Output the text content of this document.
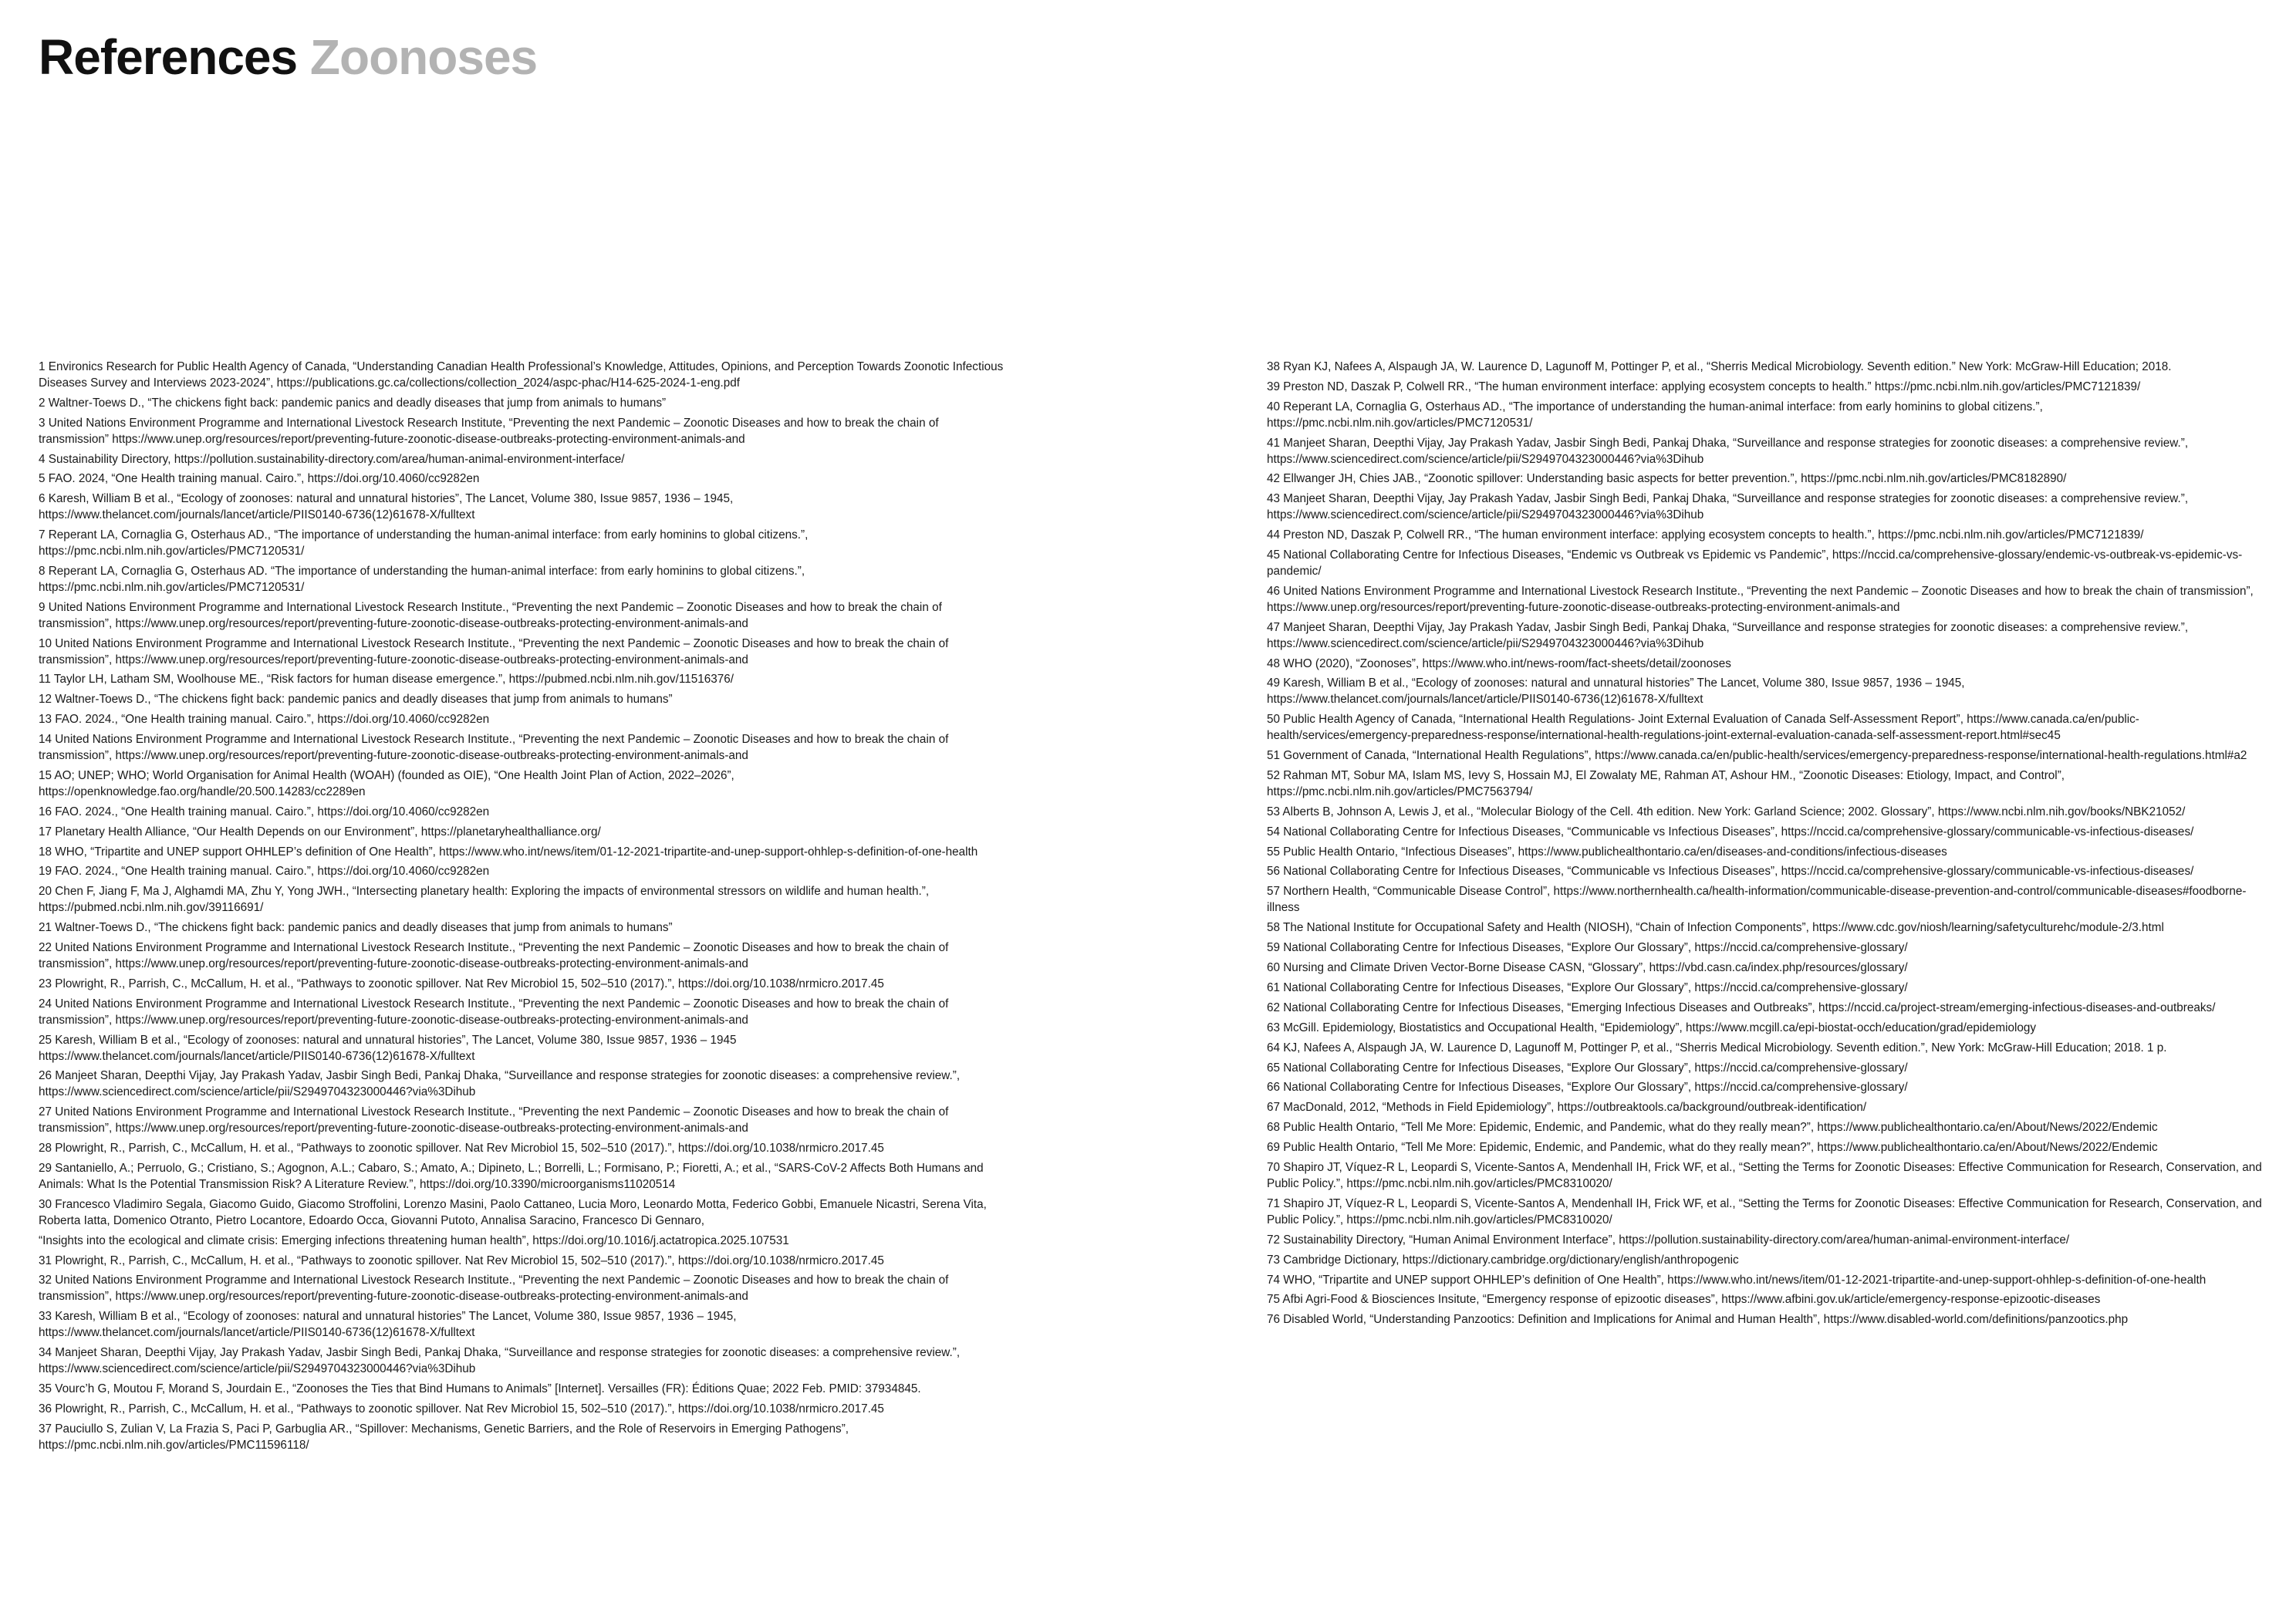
References Zoonoses
1 Environics Research for Public Health Agency of Canada, “Understanding Canadian Health Professional’s Knowledge, Attitudes, Opinions, and Perception Towards Zoonotic Infectious Diseases Survey and Interviews 2023-2024”, https://publications.gc.ca/collections/collection_2024/aspc-phac/H14-625-2024-1-eng.pdf
2 Waltner-Toews D., “The chickens fight back: pandemic panics and deadly diseases that jump from animals to humans”
3 United Nations Environment Programme and International Livestock Research Institute, “Preventing the next Pandemic – Zoonotic Diseases and how to break the chain of transmission” https://www.unep.org/resources/report/preventing-future-zoonotic-disease-outbreaks-protecting-environment-animals-and
4 Sustainability Directory, https://pollution.sustainability-directory.com/area/human-animal-environment-interface/
5 FAO. 2024, “One Health training manual. Cairo.”, https://doi.org/10.4060/cc9282en
6 Karesh, William B et al., “Ecology of zoonoses: natural and unnatural histories”, The Lancet, Volume 380, Issue 9857, 1936 – 1945, https://www.thelancet.com/journals/lancet/article/PIIS0140-6736(12)61678-X/fulltext
7 Reperant LA, Cornaglia G, Osterhaus AD., “The importance of understanding the human-animal interface: from early hominins to global citizens.”, https://pmc.ncbi.nlm.nih.gov/articles/PMC7120531/
8 Reperant LA, Cornaglia G, Osterhaus AD. “The importance of understanding the human-animal interface: from early hominins to global citizens.”, https://pmc.ncbi.nlm.nih.gov/articles/PMC7120531/
9 United Nations Environment Programme and International Livestock Research Institute., “Preventing the next Pandemic – Zoonotic Diseases and how to break the chain of transmission”, https://www.unep.org/resources/report/preventing-future-zoonotic-disease-outbreaks-protecting-environment-animals-and
10 United Nations Environment Programme and International Livestock Research Institute., “Preventing the next Pandemic – Zoonotic Diseases and how to break the chain of transmission”, https://www.unep.org/resources/report/preventing-future-zoonotic-disease-outbreaks-protecting-environment-animals-and
11 Taylor LH, Latham SM, Woolhouse ME., “Risk factors for human disease emergence.”, https://pubmed.ncbi.nlm.nih.gov/11516376/
12 Waltner-Toews D., “The chickens fight back: pandemic panics and deadly diseases that jump from animals to humans”
13 FAO. 2024., “One Health training manual. Cairo.”, https://doi.org/10.4060/cc9282en
14 United Nations Environment Programme and International Livestock Research Institute., “Preventing the next Pandemic – Zoonotic Diseases and how to break the chain of transmission”, https://www.unep.org/resources/report/preventing-future-zoonotic-disease-outbreaks-protecting-environment-animals-and
15 AO; UNEP; WHO; World Organisation for Animal Health (WOAH) (founded as OIE), “One Health Joint Plan of Action, 2022–2026”, https://openknowledge.fao.org/handle/20.500.14283/cc2289en
16 FAO. 2024., “One Health training manual. Cairo.”, https://doi.org/10.4060/cc9282en
17 Planetary Health Alliance, “Our Health Depends on our Environment”, https://planetaryhealthalliance.org/
18 WHO, “Tripartite and UNEP support OHHLEP’s definition of One Health”, https://www.who.int/news/item/01-12-2021-tripartite-and-unep-support-ohhlep-s-definition-of-one-health
19 FAO. 2024., “One Health training manual. Cairo.”, https://doi.org/10.4060/cc9282en
20 Chen F, Jiang F, Ma J, Alghamdi MA, Zhu Y, Yong JWH., “Intersecting planetary health: Exploring the impacts of environmental stressors on wildlife and human health.”, https://pubmed.ncbi.nlm.nih.gov/39116691/
21 Waltner-Toews D., “The chickens fight back: pandemic panics and deadly diseases that jump from animals to humans”
22 United Nations Environment Programme and International Livestock Research Institute., “Preventing the next Pandemic – Zoonotic Diseases and how to break the chain of transmission”, https://www.unep.org/resources/report/preventing-future-zoonotic-disease-outbreaks-protecting-environment-animals-and
23 Plowright, R., Parrish, C., McCallum, H. et al., “Pathways to zoonotic spillover. Nat Rev Microbiol 15, 502–510 (2017).”, https://doi.org/10.1038/nrmicro.2017.45
24 United Nations Environment Programme and International Livestock Research Institute., “Preventing the next Pandemic – Zoonotic Diseases and how to break the chain of transmission”, https://www.unep.org/resources/report/preventing-future-zoonotic-disease-outbreaks-protecting-environment-animals-and
25 Karesh, William B et al., “Ecology of zoonoses: natural and unnatural histories”, The Lancet, Volume 380, Issue 9857, 1936 – 1945 https://www.thelancet.com/journals/lancet/article/PIIS0140-6736(12)61678-X/fulltext
26 Manjeet Sharan, Deepthi Vijay, Jay Prakash Yadav, Jasbir Singh Bedi, Pankaj Dhaka, “Surveillance and response strategies for zoonotic diseases: a comprehensive review.”, https://www.sciencedirect.com/science/article/pii/S2949704323000446?via%3Dihub
27 United Nations Environment Programme and International Livestock Research Institute., “Preventing the next Pandemic – Zoonotic Diseases and how to break the chain of transmission”, https://www.unep.org/resources/report/preventing-future-zoonotic-disease-outbreaks-protecting-environment-animals-and
28 Plowright, R., Parrish, C., McCallum, H. et al., “Pathways to zoonotic spillover. Nat Rev Microbiol 15, 502–510 (2017).”, https://doi.org/10.1038/nrmicro.2017.45
29 Santaniello, A.; Perruolo, G.; Cristiano, S.; Agognon, A.L.; Cabaro, S.; Amato, A.; Dipineto, L.; Borrelli, L.; Formisano, P.; Fioretti, A.; et al., “SARS-CoV-2 Affects Both Humans and Animals: What Is the Potential Transmission Risk? A Literature Review.”, https://doi.org/10.3390/microorganisms11020514
30 Francesco Vladimiro Segala, Giacomo Guido, Giacomo Stroffolini, Lorenzo Masini, Paolo Cattaneo, Lucia Moro, Leonardo Motta, Federico Gobbi, Emanuele Nicastri, Serena Vita, Roberta Iatta, Domenico Otranto, Pietro Locantore, Edoardo Occa, Giovanni Putoto, Annalisa Saracino, Francesco Di Gennaro,
“Insights into the ecological and climate crisis: Emerging infections threatening human health”, https://doi.org/10.1016/j.actatropica.2025.107531
31 Plowright, R., Parrish, C., McCallum, H. et al., “Pathways to zoonotic spillover. Nat Rev Microbiol 15, 502–510 (2017).”, https://doi.org/10.1038/nrmicro.2017.45
32 United Nations Environment Programme and International Livestock Research Institute., “Preventing the next Pandemic – Zoonotic Diseases and how to break the chain of transmission”, https://www.unep.org/resources/report/preventing-future-zoonotic-disease-outbreaks-protecting-environment-animals-and
33 Karesh, William B et al., “Ecology of zoonoses: natural and unnatural histories” The Lancet, Volume 380, Issue 9857, 1936 – 1945, https://www.thelancet.com/journals/lancet/article/PIIS0140-6736(12)61678-X/fulltext
34 Manjeet Sharan, Deepthi Vijay, Jay Prakash Yadav, Jasbir Singh Bedi, Pankaj Dhaka, “Surveillance and response strategies for zoonotic diseases: a comprehensive review.”, https://www.sciencedirect.com/science/article/pii/S2949704323000446?via%3Dihub
35 Vourc’h G, Moutou F, Morand S, Jourdain E., “Zoonoses the Ties that Bind Humans to Animals” [Internet]. Versailles (FR): Éditions Quae; 2022 Feb. PMID: 37934845.
36 Plowright, R., Parrish, C., McCallum, H. et al., “Pathways to zoonotic spillover. Nat Rev Microbiol 15, 502–510 (2017).”, https://doi.org/10.1038/nrmicro.2017.45
37 Pauciullo S, Zulian V, La Frazia S, Paci P, Garbuglia AR., “Spillover: Mechanisms, Genetic Barriers, and the Role of Reservoirs in Emerging Pathogens”, https://pmc.ncbi.nlm.nih.gov/articles/PMC11596118/
38 Ryan KJ, Nafees A, Alspaugh JA, W. Laurence D, Lagunoff M, Pottinger P, et al., “Sherris Medical Microbiology. Seventh edition.” New York: McGraw-Hill Education; 2018.
39 Preston ND, Daszak P, Colwell RR., “The human environment interface: applying ecosystem concepts to health.” https://pmc.ncbi.nlm.nih.gov/articles/PMC7121839/
40 Reperant LA, Cornaglia G, Osterhaus AD., “The importance of understanding the human-animal interface: from early hominins to global citizens.”, https://pmc.ncbi.nlm.nih.gov/articles/PMC7120531/
41 Manjeet Sharan, Deepthi Vijay, Jay Prakash Yadav, Jasbir Singh Bedi, Pankaj Dhaka, “Surveillance and response strategies for zoonotic diseases: a comprehensive review.”, https://www.sciencedirect.com/science/article/pii/S2949704323000446?via%3Dihub
42 Ellwanger JH, Chies JAB., “Zoonotic spillover: Understanding basic aspects for better prevention.”, https://pmc.ncbi.nlm.nih.gov/articles/PMC8182890/
43 Manjeet Sharan, Deepthi Vijay, Jay Prakash Yadav, Jasbir Singh Bedi, Pankaj Dhaka, “Surveillance and response strategies for zoonotic diseases: a comprehensive review.”, https://www.sciencedirect.com/science/article/pii/S2949704323000446?via%3Dihub
44 Preston ND, Daszak P, Colwell RR., “The human environment interface: applying ecosystem concepts to health.”, https://pmc.ncbi.nlm.nih.gov/articles/PMC7121839/
45 National Collaborating Centre for Infectious Diseases, “Endemic vs Outbreak vs Epidemic vs Pandemic”, https://nccid.ca/comprehensive-glossary/endemic-vs-outbreak-vs-epidemic-vs-pandemic/
46 United Nations Environment Programme and International Livestock Research Institute., “Preventing the next Pandemic – Zoonotic Diseases and how to break the chain of transmission”, https://www.unep.org/resources/report/preventing-future-zoonotic-disease-outbreaks-protecting-environment-animals-and
47 Manjeet Sharan, Deepthi Vijay, Jay Prakash Yadav, Jasbir Singh Bedi, Pankaj Dhaka, “Surveillance and response strategies for zoonotic diseases: a comprehensive review.”, https://www.sciencedirect.com/science/article/pii/S2949704323000446?via%3Dihub
48 WHO (2020), “Zoonoses”, https://www.who.int/news-room/fact-sheets/detail/zoonoses
49 Karesh, William B et al., “Ecology of zoonoses: natural and unnatural histories” The Lancet, Volume 380, Issue 9857, 1936 – 1945, https://www.thelancet.com/journals/lancet/article/PIIS0140-6736(12)61678-X/fulltext
50 Public Health Agency of Canada, “International Health Regulations- Joint External Evaluation of Canada Self-Assessment Report”, https://www.canada.ca/en/public-health/services/emergency-preparedness-response/international-health-regulations-joint-external-evaluation-canada-self-assessment-report.html#sec45
51 Government of Canada, “International Health Regulations”, https://www.canada.ca/en/public-health/services/emergency-preparedness-response/international-health-regulations.html#a2
52 Rahman MT, Sobur MA, Islam MS, Ievy S, Hossain MJ, El Zowalaty ME, Rahman AT, Ashour HM., “Zoonotic Diseases: Etiology, Impact, and Control”, https://pmc.ncbi.nlm.nih.gov/articles/PMC7563794/
53 Alberts B, Johnson A, Lewis J, et al., “Molecular Biology of the Cell. 4th edition. New York: Garland Science; 2002. Glossary”, https://www.ncbi.nlm.nih.gov/books/NBK21052/
54 National Collaborating Centre for Infectious Diseases, “Communicable vs Infectious Diseases”, https://nccid.ca/comprehensive-glossary/communicable-vs-infectious-diseases/
55 Public Health Ontario, “Infectious Diseases”, https://www.publichealthontario.ca/en/diseases-and-conditions/infectious-diseases
56 National Collaborating Centre for Infectious Diseases, “Communicable vs Infectious Diseases”, https://nccid.ca/comprehensive-glossary/communicable-vs-infectious-diseases/
57 Northern Health, “Communicable Disease Control”, https://www.northernhealth.ca/health-information/communicable-disease-prevention-and-control/communicable-diseases#foodborne-illness
58 The National Institute for Occupational Safety and Health (NIOSH), “Chain of Infection Components”, https://www.cdc.gov/niosh/learning/safetyculturehc/module-2/3.html
59 National Collaborating Centre for Infectious Diseases, “Explore Our Glossary”, https://nccid.ca/comprehensive-glossary/
60 Nursing and Climate Driven Vector-Borne Disease CASN, “Glossary”, https://vbd.casn.ca/index.php/resources/glossary/
61 National Collaborating Centre for Infectious Diseases, “Explore Our Glossary”, https://nccid.ca/comprehensive-glossary/
62 National Collaborating Centre for Infectious Diseases, “Emerging Infectious Diseases and Outbreaks”, https://nccid.ca/project-stream/emerging-infectious-diseases-and-outbreaks/
63 McGill. Epidemiology, Biostatistics and Occupational Health, “Epidemiology”, https://www.mcgill.ca/epi-biostat-occh/education/grad/epidemiology
64 KJ, Nafees A, Alspaugh JA, W. Laurence D, Lagunoff M, Pottinger P, et al., “Sherris Medical Microbiology. Seventh edition.”, New York: McGraw-Hill Education; 2018. 1 p.
65 National Collaborating Centre for Infectious Diseases, “Explore Our Glossary”, https://nccid.ca/comprehensive-glossary/
66 National Collaborating Centre for Infectious Diseases, “Explore Our Glossary”, https://nccid.ca/comprehensive-glossary/
67 MacDonald, 2012, “Methods in Field Epidemiology”, https://outbreaktools.ca/background/outbreak-identification/
68 Public Health Ontario, “Tell Me More: Epidemic, Endemic, and Pandemic, what do they really mean?”, https://www.publichealthontario.ca/en/About/News/2022/Endemic
69 Public Health Ontario, “Tell Me More: Epidemic, Endemic, and Pandemic, what do they really mean?”, https://www.publichealthontario.ca/en/About/News/2022/Endemic
70 Shapiro JT, Víquez-R L, Leopardi S, Vicente-Santos A, Mendenhall IH, Frick WF, et al., “Setting the Terms for Zoonotic Diseases: Effective Communication for Research, Conservation, and Public Policy.”, https://pmc.ncbi.nlm.nih.gov/articles/PMC8310020/
71 Shapiro JT, Víquez-R L, Leopardi S, Vicente-Santos A, Mendenhall IH, Frick WF, et al., “Setting the Terms for Zoonotic Diseases: Effective Communication for Research, Conservation, and Public Policy.”, https://pmc.ncbi.nlm.nih.gov/articles/PMC8310020/
72 Sustainability Directory, “Human Animal Environment Interface”, https://pollution.sustainability-directory.com/area/human-animal-environment-interface/
73 Cambridge Dictionary, https://dictionary.cambridge.org/dictionary/english/anthropogenic
74 WHO, “Tripartite and UNEP support OHHLEP’s definition of One Health”, https://www.who.int/news/item/01-12-2021-tripartite-and-unep-support-ohhlep-s-definition-of-one-health
75 Afbi Agri-Food & Biosciences Insitute, “Emergency response of epizootic diseases”, https://www.afbini.gov.uk/article/emergency-response-epizootic-diseases
76 Disabled World, “Understanding Panzootics: Definition and Implications for Animal and Human Health”, https://www.disabled-world.com/definitions/panzootics.php
